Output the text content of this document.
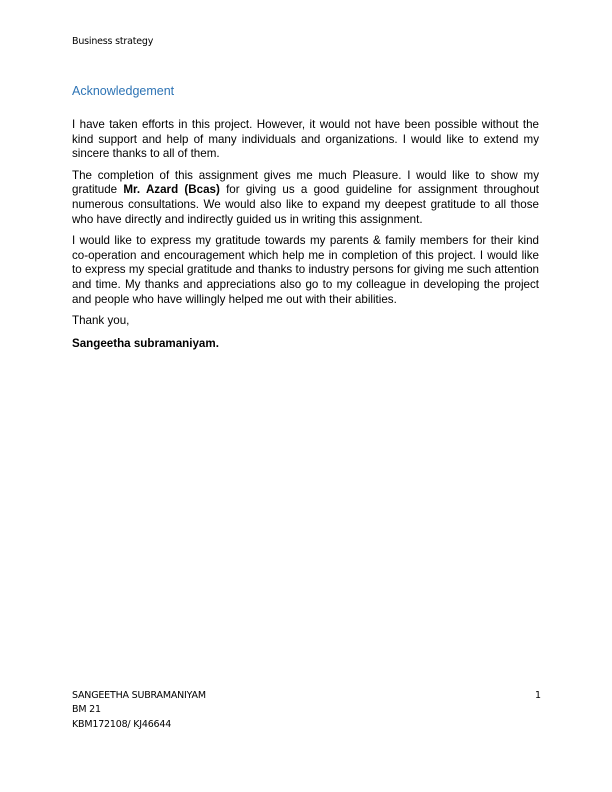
Business strategy
Acknowledgement

I have taken efforts in this project. However, it would not have been possible without the kind support and help of many individuals and organizations. I would like to extend my sincere thanks to all of them.

The completion of this assignment gives me much Pleasure. I would like to show my gratitude Mr. Azard (Bcas) for giving us a good guideline for assignment throughout numerous consultations. We would also like to expand my deepest gratitude to all those who have directly and indirectly guided us in writing this assignment.

I would like to express my gratitude towards my parents & family members for their kind co-operation and encouragement which help me in completion of this project. I would like to express my special gratitude and thanks to industry persons for giving me such attention and time. My thanks and appreciations also go to my colleague in developing the project and people who have willingly helped me out with their abilities.

Thank you,

Sangeetha subramaniyam.

SANGEETHA SUBRAMANIYAM
BM 21
KBM172108/ KJ46644
1
